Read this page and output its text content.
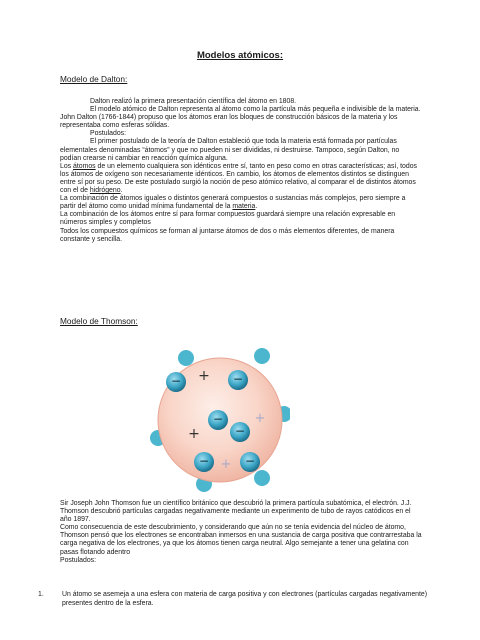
Modelos atómicos:
Modelo de Dalton:

Dalton realizó la primera presentación científica del átomo en 1808.

El modelo atómico de Dalton representa al átomo como la partícula más pequeña e indivisible de la materia. John Dalton (1766-1844) propuso que los átomos eran los bloques de construcción básicos de la materia y los representaba como esferas sólidas.

Postulados:

El primer postulado de la teoría de Dalton estableció que toda la materia está formada por partículas elementales denominadas “átomos” y que no pueden ni ser divididas, ni destruirse. Tampoco, según Dalton, no podían crearse ni cambiar en reacción química alguna.

Los átomos de un elemento cualquiera son idénticos entre sí, tanto en peso como en otras características; así, todos los átomos de oxígeno son necesariamente idénticos. En cambio, los átomos de elementos distintos se distinguen entre sí por su peso. De este postulado surgió la noción de peso atómico relativo, al comparar el de distintos átomos con el de hidrógeno.

La combinación de átomos iguales o distintos generará compuestos o sustancias más complejos, pero siempre a partir del átomo como unidad mínima fundamental de la materia.

La combinación de los átomos entre sí para formar compuestos guardará siempre una relación expresable en números simples y completos

Todos los compuestos químicos se forman al juntarse átomos de dos o más elementos diferentes, de manera constante y sencilla.

Modelo de Thomson:
−	−
−
−
−	−
+
+
+
+

Sir Joseph John Thomson fue un científico británico que descubrió la primera partícula subatómica, el electrón. J.J. Thomson descubrió partículas cargadas negativamente mediante un experimento de tubo de rayos catódicos en el año 1897.

Como consecuencia de este descubrimiento, y considerando que aún no se tenía evidencia del núcleo de átomo, Thomson pensó que los electrones se encontraban inmersos en una sustancia de carga positiva que contrarrestaba la carga negativa de los electrones, ya que los átomos tienen carga neutral. Algo semejante a tener una gelatina con pasas flotando adentro

Postulados:

1.	Un átomo se asemeja a una esfera con materia de carga positiva y con electrones (partículas cargadas negativamente) presentes dentro de la esfera.
